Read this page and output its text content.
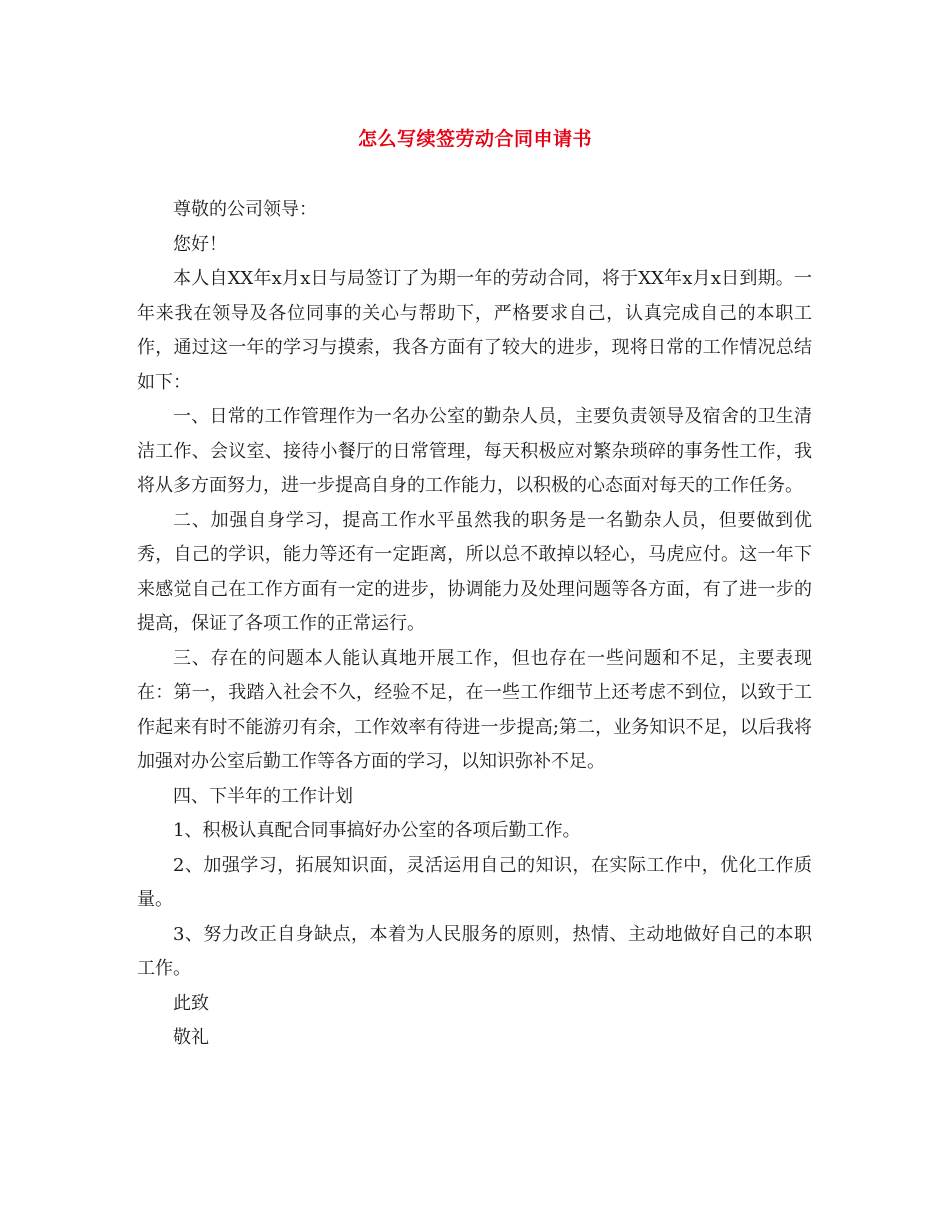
怎么写续签劳动合同申请书

尊敬的公司领导：

您好！

本人自XX年x月x日与局签订了为期一年的劳动合同，将于XX年x月x日到期。一年来我在领导及各位同事的关心与帮助下，严格要求自己，认真完成自己的本职工作，通过这一年的学习与摸索，我各方面有了较大的进步，现将日常的工作情况总结如下：

一、日常的工作管理作为一名办公室的勤杂人员，主要负责领导及宿舍的卫生清洁工作、会议室、接待小餐厅的日常管理，每天积极应对繁杂琐碎的事务性工作，我将从多方面努力，进一步提高自身的工作能力，以积极的心态面对每天的工作任务。

二、加强自身学习，提高工作水平虽然我的职务是一名勤杂人员，但要做到优秀，自己的学识，能力等还有一定距离，所以总不敢掉以轻心，马虎应付。这一年下来感觉自己在工作方面有一定的进步，协调能力及处理问题等各方面，有了进一步的提高，保证了各项工作的正常运行。

三、存在的问题本人能认真地开展工作，但也存在一些问题和不足，主要表现在：第一，我踏入社会不久，经验不足，在一些工作细节上还考虑不到位，以致于工作起来有时不能游刃有余，工作效率有待进一步提高;第二，业务知识不足，以后我将加强对办公室后勤工作等各方面的学习，以知识弥补不足。

四、下半年的工作计划

1、积极认真配合同事搞好办公室的各项后勤工作。

2、加强学习，拓展知识面，灵活运用自己的知识，在实际工作中，优化工作质量。

3、努力改正自身缺点，本着为人民服务的原则，热情、主动地做好自己的本职工作。

此致

敬礼
